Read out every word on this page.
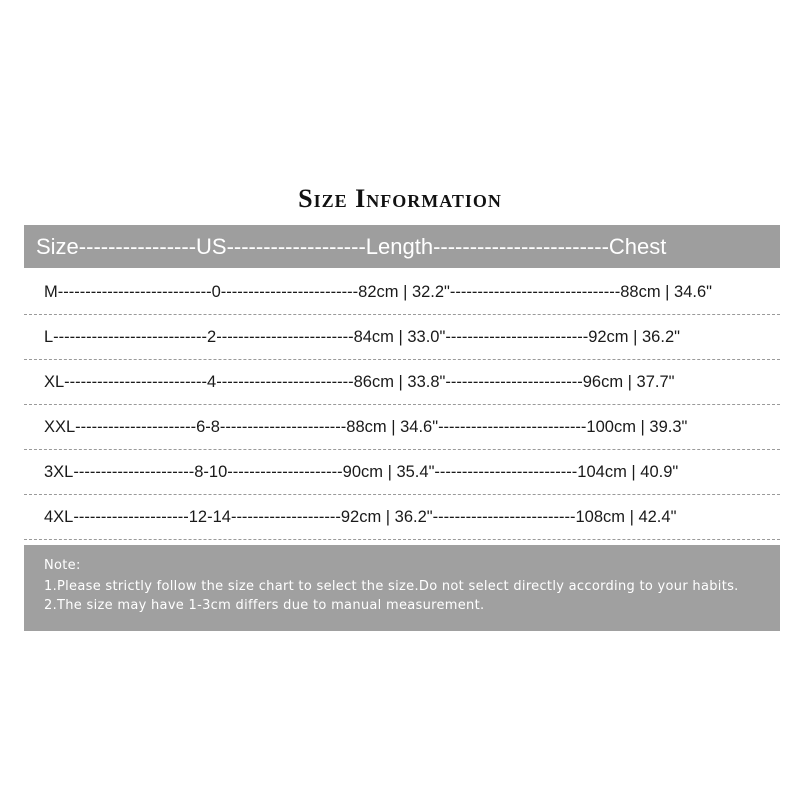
Size Information
Size----------------US-------------------Length------------------------Chest
M----------------------------0-------------------------82cm | 32.2"-------------------------------88cm | 34.6"
L----------------------------2-------------------------84cm | 33.0"--------------------------92cm | 36.2"
XL--------------------------4-------------------------86cm | 33.8"-------------------------96cm | 37.7"
XXL----------------------6-8-----------------------88cm | 34.6"---------------------------100cm | 39.3"
3XL----------------------8-10---------------------90cm | 35.4"--------------------------104cm | 40.9"
4XL---------------------12-14--------------------92cm | 36.2"--------------------------108cm | 42.4"
Note:
1.Please strictly follow the size chart to select the size.Do not select directly according to your habits.
2.The size may have 1-3cm differs due to manual measurement.
